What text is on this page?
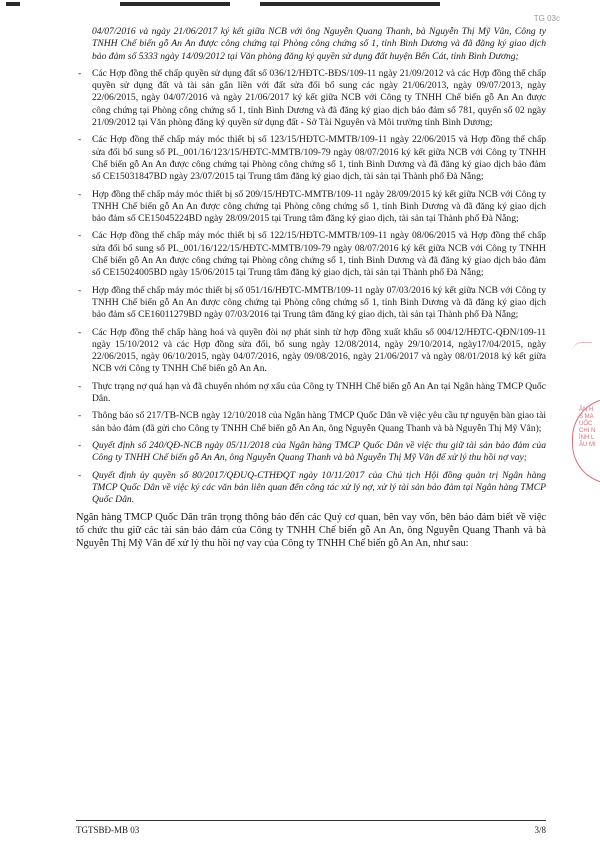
TG 03c
04/07/2016 và ngày 21/06/2017 ký kết giữa NCB với ông Nguyễn Quang Thanh, bà Nguyễn Thị Mỹ Vân, Công ty TNHH Chế biến gỗ An An được công chứng tại Phòng công chứng số 1, tỉnh Bình Dương và đã đăng ký giao dịch bảo đảm số 5333 ngày 14/09/2012 tại Văn phòng đăng ký quyền sử dụng đất huyện Bến Cát, tỉnh Bình Dương;
- Các Hợp đồng thế chấp quyền sử dụng đất số 036/12/HĐTC-BĐS/109-11 ngày 21/09/2012 và các Hợp đồng thế chấp quyền sử dụng đất và tài sản gắn liền với đất sửa đổi bổ sung các ngày 21/06/2013, ngày 09/07/2013, ngày 22/06/2015, ngày 04/07/2016 và ngày 21/06/2017 ký kết giữa NCB với Công ty TNHH Chế biến gỗ An An được công chứng tại Phòng công chứng số 1, tỉnh Bình Dương và đã đăng ký giao dịch bảo đảm số 781, quyển số 02 ngày 21/09/2012 tại Văn phòng đăng ký quyền sử dụng đất - Sở Tài Nguyên và Môi trường tỉnh Bình Dương;
- Các Hợp đồng thế chấp máy móc thiết bị số 123/15/HĐTC-MMTB/109-11 ngày 22/06/2015 và Hợp đồng thế chấp sửa đổi bổ sung số PL_001/16/123/15/HĐTC-MMTB/109-79 ngày 08/07/2016 ký kết giữa NCB với Công ty TNHH Chế biến gỗ An An được công chứng tại Phòng công chứng số 1, tỉnh Bình Dương và đã đăng ký giao dịch bảo đảm số CE15031847BD ngày 23/07/2015 tại Trung tâm đăng ký giao dịch, tài sản tại Thành phố Đà Nẵng;
- Hợp đồng thế chấp máy móc thiết bị số 209/15/HĐTC-MMTB/109-11 ngày 28/09/2015 ký kết giữa NCB với Công ty TNHH Chế biến gỗ An An được công chứng tại Phòng công chứng số 1, tỉnh Bình Dương và đã đăng ký giao dịch bảo đảm số CE15045224BD ngày 28/09/2015 tại Trung tâm đăng ký giao dịch, tài sản tại Thành phố Đà Nẵng;
- Các Hợp đồng thế chấp máy móc thiết bị số 122/15/HĐTC-MMTB/109-11 ngày 08/06/2015 và Hợp đồng thế chấp sửa đổi bổ sung số PL_001/16/122/15/HĐTC-MMTB/109-79 ngày 08/07/2016 ký kết giữa NCB với Công ty TNHH Chế biến gỗ An An được công chứng tại Phòng công chứng số 1, tỉnh Bình Dương và đã đăng ký giao dịch bảo đảm số CE15024005BD ngày 15/06/2015 tại Trung tâm đăng ký giao dịch, tài sản tại Thành phố Đà Nẵng;
- Hợp đồng thế chấp máy móc thiết bị số 051/16/HĐTC-MMTB/109-11 ngày 07/03/2016 ký kết giữa NCB với Công ty TNHH Chế biến gỗ An An được công chứng tại Phòng công chứng số 1, tỉnh Bình Dương và đã đăng ký giao dịch bảo đảm số CE16011279BD ngày 07/03/2016 tại Trung tâm đăng ký giao dịch, tài sản tại Thành phố Đà Nẵng;
- Các Hợp đồng thế chấp hàng hoá và quyền đòi nợ phát sinh từ hợp đồng xuất khẩu số 004/12/HĐTC-QĐN/109-11 ngày 15/10/2012 và các Hợp đồng sửa đổi, bổ sung ngày 12/08/2014, ngày 29/10/2014, ngày17/04/2015, ngày 22/06/2015, ngày 06/10/2015, ngày 04/07/2016, ngày 09/08/2016, ngày 21/06/2017 và ngày 08/01/2018 ký kết giữa NCB với Công ty TNHH Chế biến gỗ An An.
- Thực trạng nợ quá hạn và đã chuyển nhóm nợ xấu của Công ty TNHH Chế biến gỗ An An tại Ngân hàng TMCP Quốc Dân.
- Thông báo số 217/TB-NCB ngày 12/10/2018 của Ngân hàng TMCP Quốc Dân về việc yêu cầu tự nguyện bàn giao tài sản bảo đảm (đã gửi cho Công ty TNHH Chế biến gỗ An An, ông Nguyễn Quang Thanh và bà Nguyễn Thị Mỹ Vân);
- Quyết định số 240/QĐ-NCB ngày 05/11/2018 của Ngân hàng TMCP Quốc Dân về việc thu giữ tài sản bảo đảm của Công ty TNHH Chế biến gỗ An An, ông Nguyễn Quang Thanh và bà Nguyễn Thị Mỹ Vân để xử lý thu hồi nợ vay;
- Quyết định ủy quyền số 80/2017/QĐUQ-CTHĐQT ngày 10/11/2017 của Chủ tịch Hội đồng quản trị Ngân hàng TMCP Quốc Dân về việc ký các văn bản liên quan đến công tác xử lý nợ, xử lý tài sản bảo đảm tại Ngân hàng TMCP Quốc Dân.
Ngân hàng TMCP Quốc Dân trân trọng thông báo đến các Quý cơ quan, bên vay vốn, bên bảo đảm biết về việc tổ chức thu giữ các tài sản bảo đảm của Công ty TNHH Chế biến gỗ An An, ông Nguyễn Quang Thanh và bà Nguyễn Thị Mỹ Vân để xử lý thu hồi nợ vay của Công ty TNHH Chế biến gỗ An An, như sau:
ÂN H
S MA
UỐC
CHI N
ÌNH L
ÂU MI
TGTSBĐ-MB 03	3/8
